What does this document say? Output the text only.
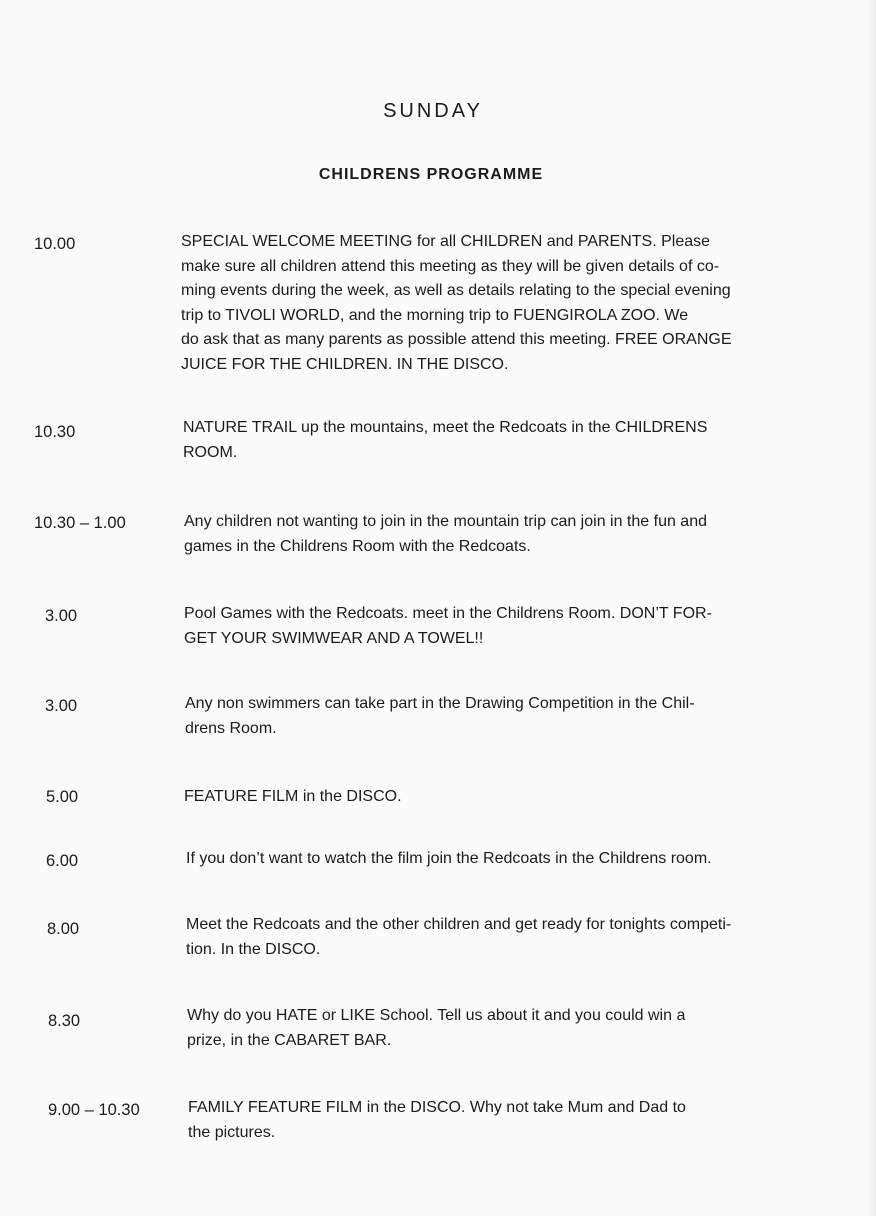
SUNDAY
CHILDRENS PROGRAMME
10.00	SPECIAL WELCOME MEETING for all CHILDREN and PARENTS. Please
make sure all children attend this meeting as they will be given details of co-
ming events during the week, as well as details relating to the special evening
trip to TIVOLI WORLD, and the morning trip to FUENGIROLA ZOO. We
do ask that as many parents as possible attend this meeting. FREE ORANGE
JUICE FOR THE CHILDREN. IN THE DISCO.
10.30	NATURE TRAIL up the mountains, meet the Redcoats in the CHILDRENS
ROOM.
10.30 – 1.00	Any children not wanting to join in the mountain trip can join in the fun and
games in the Childrens Room with the Redcoats.
3.00	Pool Games with the Redcoats. meet in the Childrens Room. DON’T FOR-
GET YOUR SWIMWEAR AND A TOWEL!!
3.00	Any non swimmers can take part in the Drawing Competition in the Chil-
drens Room.
5.00	FEATURE FILM in the DISCO.
6.00	If you don’t want to watch the film join the Redcoats in the Childrens room.
8.00	Meet the Redcoats and the other children and get ready for tonights competi-
tion. In the DISCO.
8.30	Why do you HATE or LIKE School. Tell us about it and you could win a
prize, in the CABARET BAR.
9.00 – 10.30	FAMILY FEATURE FILM in the DISCO. Why not take Mum and Dad to
the pictures.
